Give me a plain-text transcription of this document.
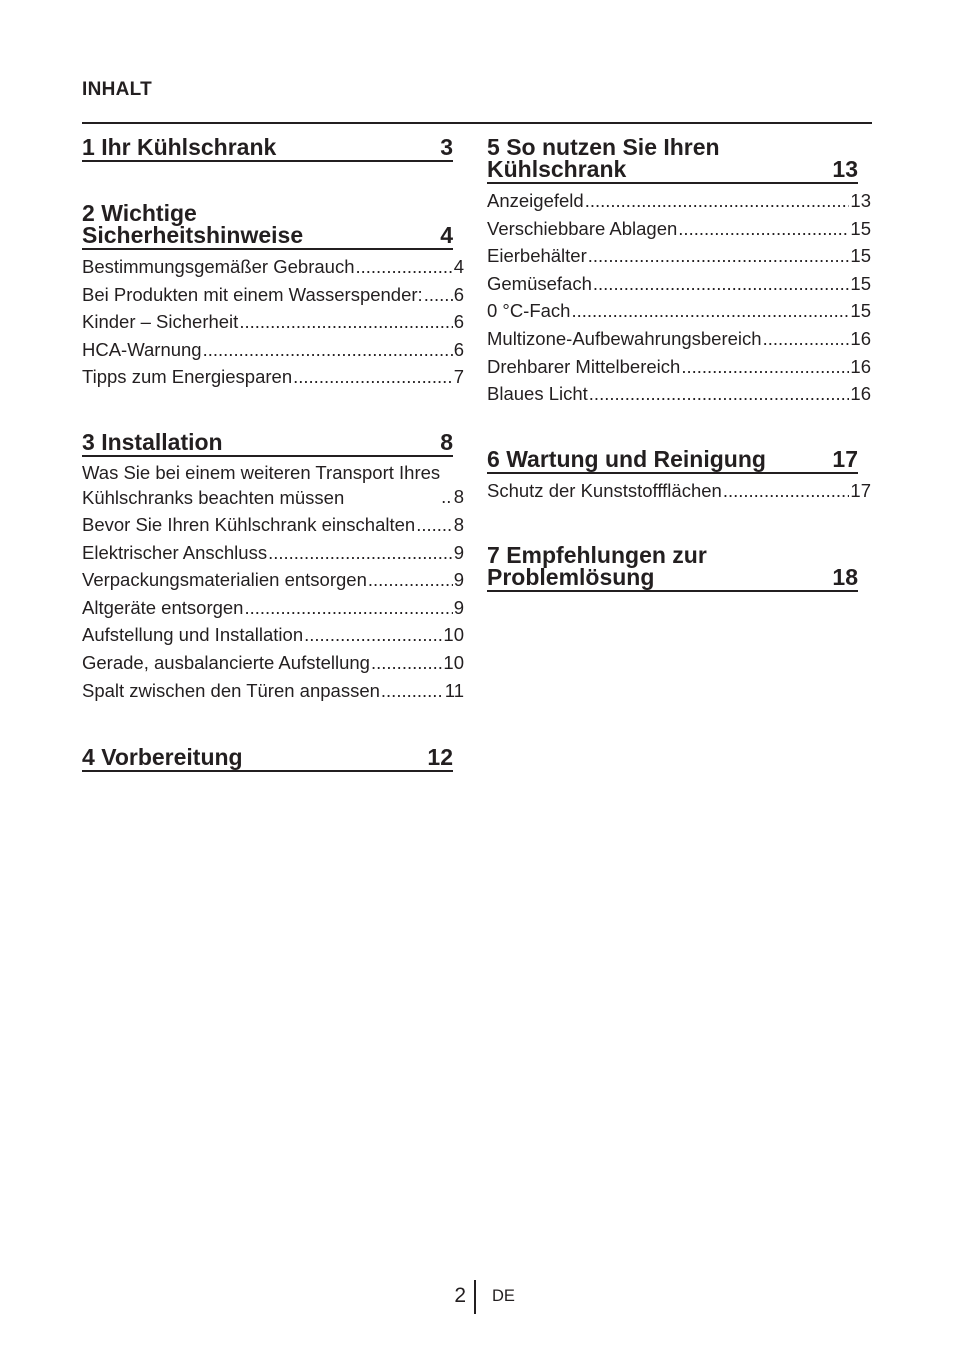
INHALT
1 Ihr Kühlschrank	3
2 Wichtige
Sicherheitshinweise	4
Bestimmungsgemäßer Gebrauch .....	4
Bei Produkten mit einem Wasserspender: ..... 6
Kinder – Sicherheit .....	6
HCA-Warnung .....	6
Tipps zum Energiesparen .....	7
3 Installation	8
Was Sie bei einem weiteren Transport Ihres
Kühlschranks beachten müssen .....	8
Bevor Sie Ihren Kühlschrank einschalten ..... 8
Elektrischer Anschluss .....	9
Verpackungsmaterialien entsorgen .....	9
Altgeräte entsorgen .....	9
Aufstellung und Installation .....	10
Gerade, ausbalancierte Aufstellung .....	10
Spalt zwischen den Türen anpassen .....	11
4 Vorbereitung	12
5 So nutzen Sie Ihren
Kühlschrank	13
Anzeigefeld .....	13
Verschiebbare Ablagen .....	15
Eierbehälter .....	15
Gemüsefach .....	15
0 °C-Fach .....	15
Multizone-Aufbewahrungsbereich .....	16
Drehbarer Mittelbereich .....	16
Blaues Licht .....	16
6 Wartung und Reinigung	17
Schutz der Kunststoffflächen .....	17
7 Empfehlungen zur
Problemlösung	18
2 DE
